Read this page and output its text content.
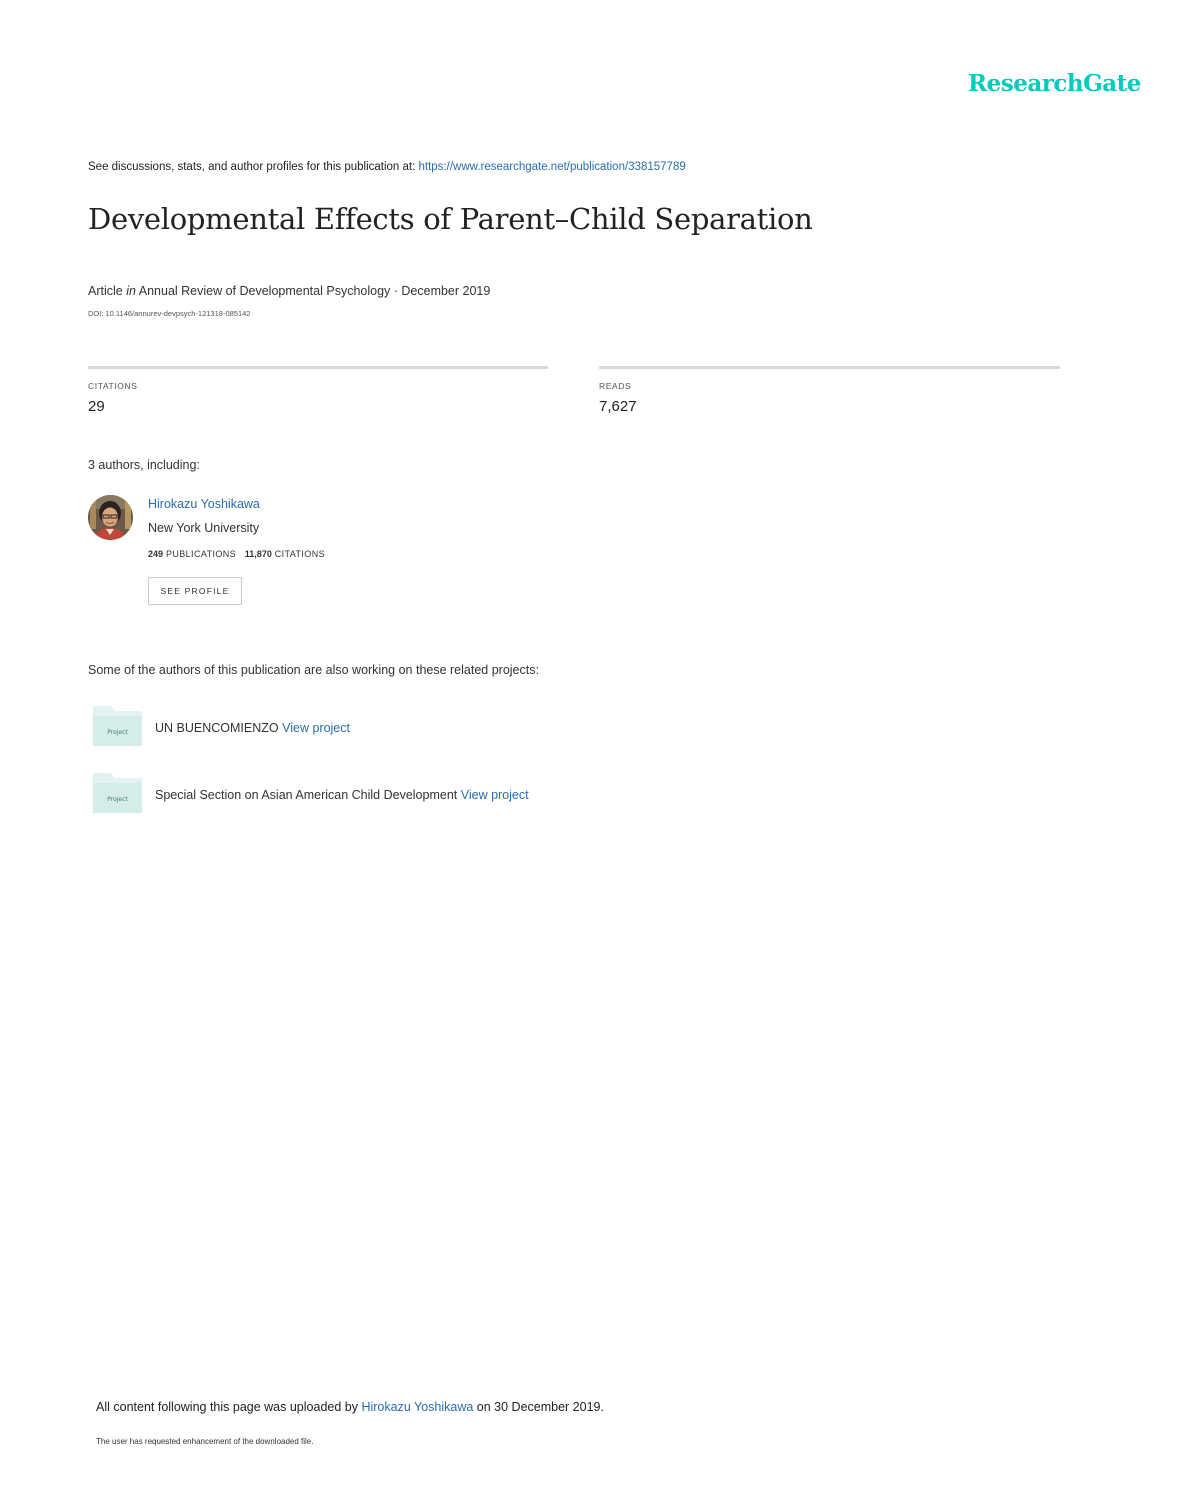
ResearchGate
See discussions, stats, and author profiles for this publication at: https://www.researchgate.net/publication/338157789
Developmental Effects of Parent–Child Separation
Article in Annual Review of Developmental Psychology · December 2019
DOI: 10.1146/annurev-devpsych-121318-085142
CITATIONS
29
READS
7,627
3 authors, including:
Hirokazu Yoshikawa
New York University
249 PUBLICATIONS 11,870 CITATIONS
SEE PROFILE
Some of the authors of this publication are also working on these related projects:
Project UN BUENCOMIENZO View project
Project Special Section on Asian American Child Development View project
All content following this page was uploaded by Hirokazu Yoshikawa on 30 December 2019.
The user has requested enhancement of the downloaded file.
